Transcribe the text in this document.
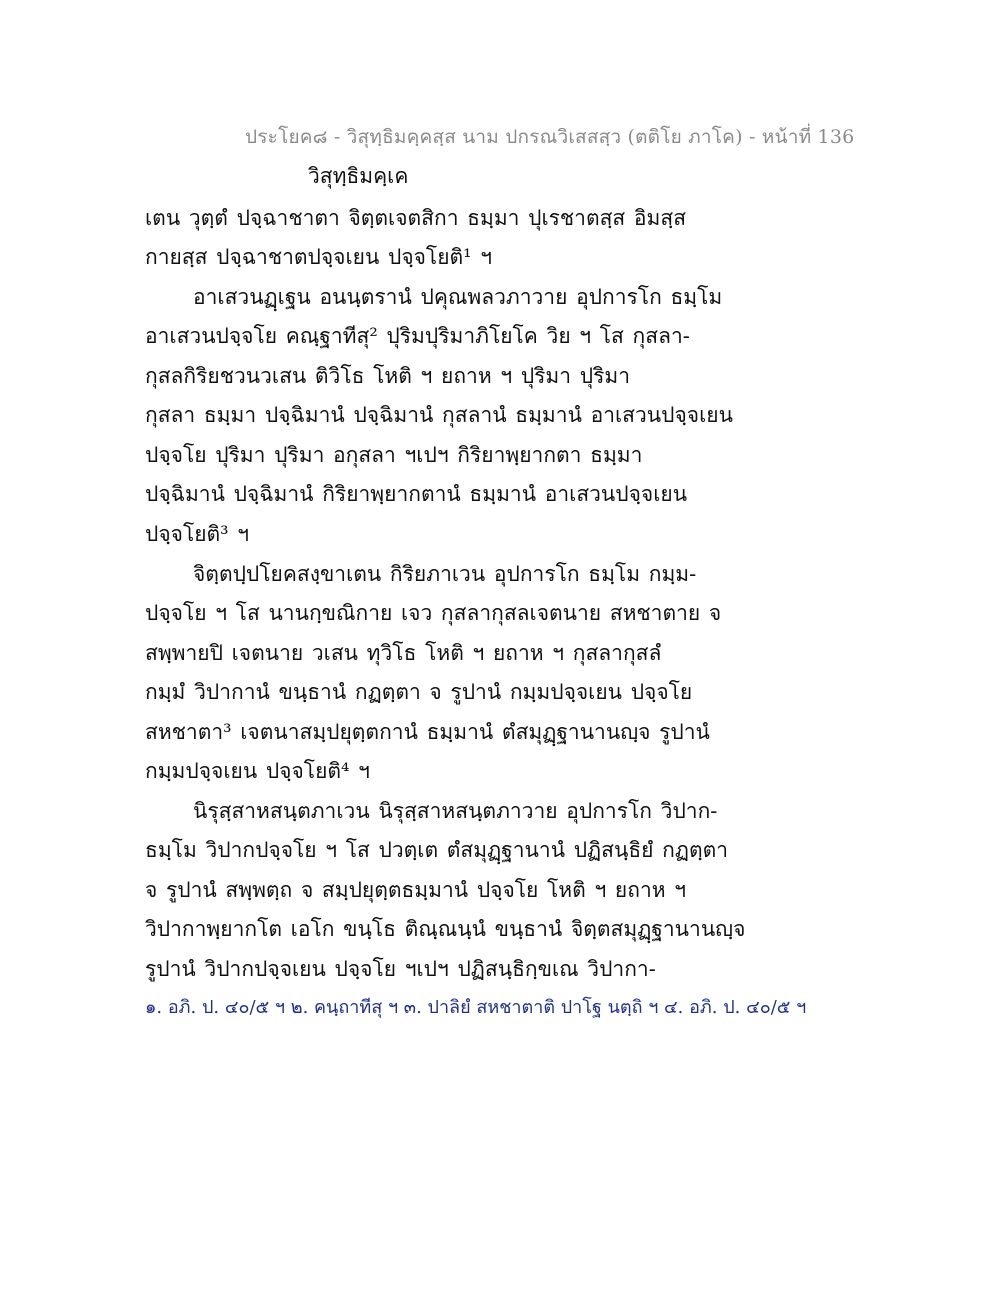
ประโยค๘ - วิสุทฺธิมคฺคสฺส นาม ปกรณวิเสสสฺว (ตติโย ภาโค) - หน้าที่ 136
วิสุทฺธิมคฺเค
เตน วุตฺตํ ปจฺฉาชาตา จิตฺตเจตสิกา ธมฺมา ปุเรชาตสฺส อิมสฺส
กายสฺส ปจฺฉาชาตปจฺจเยน ปจฺจโยติ¹ ฯ
อาเสวนฏฺเฐน อนนฺตรานํ ปคุณพลวภาวาย อุปการโก ธมฺโม
อาเสวนปจฺจโย คณฺฐาทีสุ² ปุริมปุริมาภิโยโค วิย ฯ โส กุสลา-
กุสลกิริยชวนวเสน ติวิโธ โหติ ฯ ยถาห ฯ ปุริมา ปุริมา
กุสลา ธมฺมา ปจฺฉิมานํ ปจฺฉิมานํ กุสลานํ ธมฺมานํ อาเสวนปจฺจเยน
ปจฺจโย ปุริมา ปุริมา อกุสลา ฯเปฯ กิริยาพฺยากตา ธมฺมา
ปจฺฉิมานํ ปจฺฉิมานํ กิริยาพฺยากตานํ ธมฺมานํ อาเสวนปจฺจเยน
ปจฺจโยติ³ ฯ
จิตฺตปฺปโยคสงฺขาเตน กิริยภาเวน อุปการโก ธมฺโม กมฺม-
ปจฺจโย ฯ โส นานกฺขณิกาย เจว กุสลากุสลเจตนาย สหชาตาย จ
สพฺพายปิ เจตนาย วเสน ทุวิโธ โหติ ฯ ยถาห ฯ กุสลากุสลํ
กมฺมํ วิปากานํ ขนฺธานํ กฏตฺตา จ รูปานํ กมฺมปจฺจเยน ปจฺจโย
สหชาตา³ เจตนาสมฺปยุตฺตกานํ ธมฺมานํ ตํสมุฏฺฐานานญฺจ รูปานํ
กมฺมปจฺจเยน ปจฺจโยติ⁴ ฯ
นิรุสฺสาหสนฺตภาเวน นิรุสฺสาหสนฺตภาวาย อุปการโก วิปาก-
ธมฺโม วิปากปจฺจโย ฯ โส ปวตฺเต ตํสมุฏฺฐานานํ ปฏิสนฺธิยํ กฏตฺตา
จ รูปานํ สพฺพตฺถ จ สมฺปยุตฺตธมฺมานํ ปจฺจโย โหติ ฯ ยถาห ฯ
วิปากาพฺยากโต เอโก ขนฺโธ ติณฺณนฺนํ ขนฺธานํ จิตฺตสมุฏฺฐานานญฺจ
รูปานํ วิปากปจฺจเยน ปจฺจโย ฯเปฯ ปฏิสนฺธิกฺขเณ วิปากา-
๑. อภิ. ป. ๔๐/๕ ฯ ๒. คนฺถาทีสุ ฯ ๓. ปาลิยํ สหชาตาติ ปาโฐ นตฺถิ ฯ ๔. อภิ. ป. ๔๐/๕ ฯ
